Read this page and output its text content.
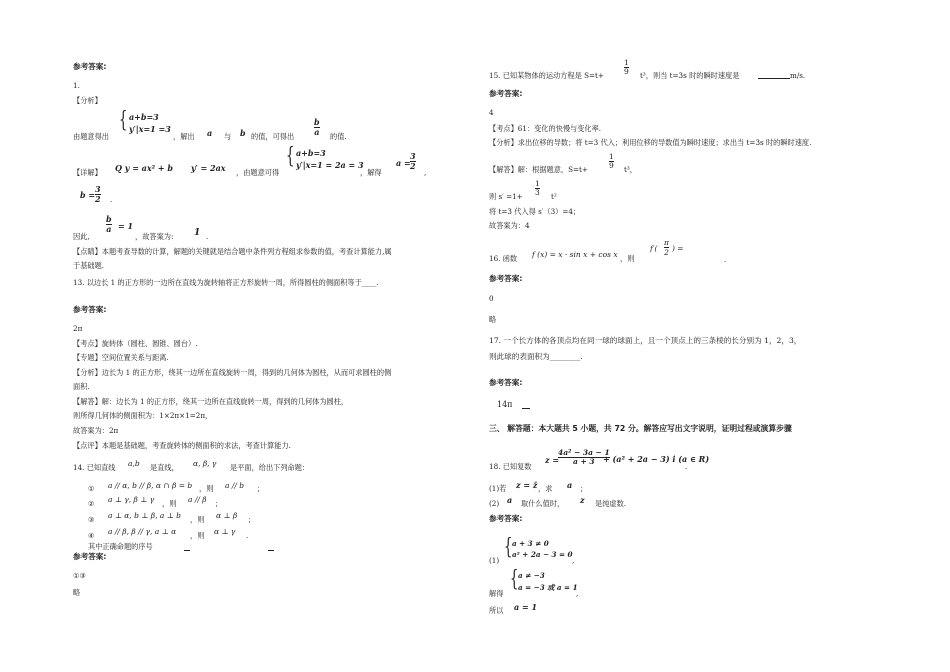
参考答案:
1.
【分析】
由题意得出
{ a+b=3
y′|x=1 =3
，解出 a 与 b 的值，可得出
b
a 的值.
【详解】 Q y = ax² + b y′ = 2ax ，由题意可得
{ a+b=3
y′|x=1 = 2a = 3
，解得
a =
3
2
,
b =
3
2 .
因此,
b
a = 1
，故答案为: 1 .
【点睛】本题考查导数的计算，解题的关键就是结合题中条件列方程组求参数的值，考查计算能力,属
于基础题.
13. 以边长 1 的正方形的一边所在直线为旋转轴将正方形旋转一周，所得圆柱的侧面积等于____.
参考答案:
2π
【考点】旋转体（圆柱、圆锥、圆台）.
【专题】空间位置关系与距离.
【分析】边长为 1 的正方形，绕其一边所在直线旋转一周，得到的几何体为圆柱，从而可求圆柱的侧
面积.
【解答】解：边长为 1 的正方形，绕其一边所在直线旋转一周，得到的几何体为圆柱，
则所得几何体的侧面积为：1×2π×1=2π，
故答案为：2π
【点评】本题是基础题，考查旋转体的侧面积的求法，考查计算能力.
14. 已知直线 a,b 是直线， α, β, γ 是平面，给出下列命题：
① a // α, b // β, α ∩ β = b ，则 a // b ；
② a ⊥ γ, β ⊥ γ ，则 a // β ；
③ a ⊥ α, b ⊥ β, a ⊥ b ，则 α ⊥ β ；
④ a // β, β // γ, a ⊥ α ，则 α ⊥ γ .
其中正确命题的序号
参考答案:
①③
略
15. 已知某物体的运动方程是 S=t+
1
9 t³，则当 t=3s 时的瞬时速度是	m/s.
参考答案:
4
【考点】61：变化的快慢与变化率.
【分析】求出位移的导数；将 t=3 代入；利用位移的导数值为瞬时速度；求出当 t=3s 时的瞬时速度.
【解答】解：根据题意，S=t+
1
9 t³，
则 s′ =1+
1
3 t²
将 t=3 代入得 s′（3）=4；
故答案为：4
16. 函数 f (x) = x · sin x + cos x ，则
f′(
π
2 ) =
.
参考答案:
0
略
17. 一个长方体的各顶点均在同一球的球面上，且一个顶点上的三条棱的长分别为 1，2，3，
则此球的表面积为________.
参考答案:
14π
三、 解答题：本大题共 5 小题，共 72 分。解答应写出文字说明，证明过程或演算步骤
18. 已知复数
z =
4a² − 3a − 1
a + 3 + (a² + 2a − 3) i (a ∈ R)
.
(1)若 z = z̄ ，求 a ；
(2) a 取什么值时， z 是纯虚数.
参考答案:
(1)
{ a + 3 ≠ 0
a² + 2a − 3 = 0
,
解得
{ a ≠ −3
a = −3 或 a = 1
,
所以 a = 1
